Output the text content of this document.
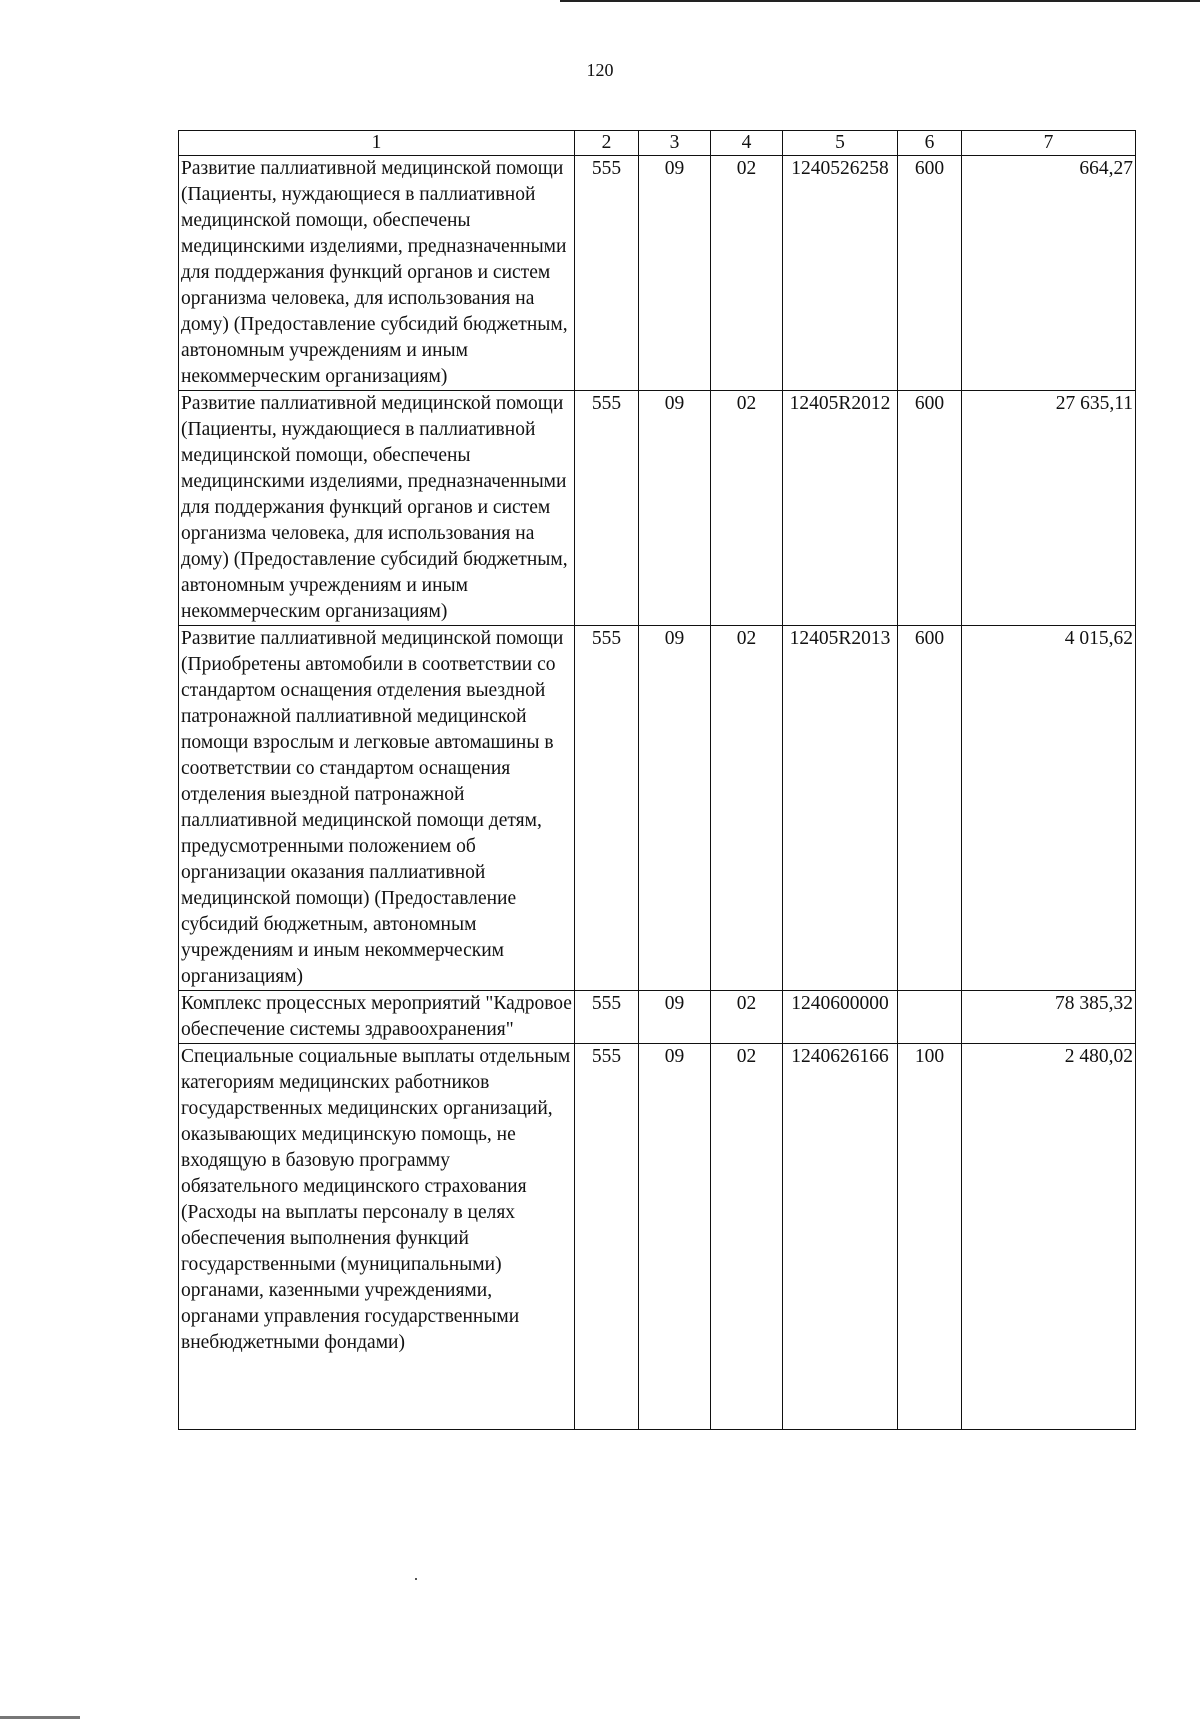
120
1	2	3	4	5	6	7
Развитие паллиативной медицинской помощи (Пациенты, нуждающиеся в паллиативной медицинской помощи, обеспечены медицинскими изделиями, предназначенными для поддержания функций органов и систем организма человека, для использования на дому) (Предоставление субсидий бюджетным, автономным учреждениям и иным некоммерческим организациям)	555	09	02	1240526258	600	664,27
Развитие паллиативной медицинской помощи (Пациенты, нуждающиеся в паллиативной медицинской помощи, обеспечены медицинскими изделиями, предназначенными для поддержания функций органов и систем организма человека, для использования на дому) (Предоставление субсидий бюджетным, автономным учреждениям и иным некоммерческим организациям)	555	09	02	12405R2012	600	27 635,11
Развитие паллиативной медицинской помощи (Приобретены автомобили в соответствии со стандартом оснащения отделения выездной патронажной паллиативной медицинской помощи взрослым и легковые автомашины в соответствии со стандартом оснащения отделения выездной патронажной паллиативной медицинской помощи детям, предусмотренными положением об организации оказания паллиативной медицинской помощи) (Предоставление субсидий бюджетным, автономным учреждениям и иным некоммерческим организациям)	555	09	02	12405R2013	600	4 015,62
Комплекс процессных мероприятий "Кадровое обеспечение системы здравоохранения"	555	09	02	1240600000		78 385,32
Специальные социальные выплаты отдельным категориям медицинских работников государственных медицинских организаций, оказывающих медицинскую помощь, не входящую в базовую программу обязательного медицинского страхования (Расходы на выплаты персоналу в целях обеспечения выполнения функций государственными (муниципальными) органами, казенными учреждениями, органами управления государственными внебюджетными фондами)	555	09	02	1240626166	100	2 480,02
